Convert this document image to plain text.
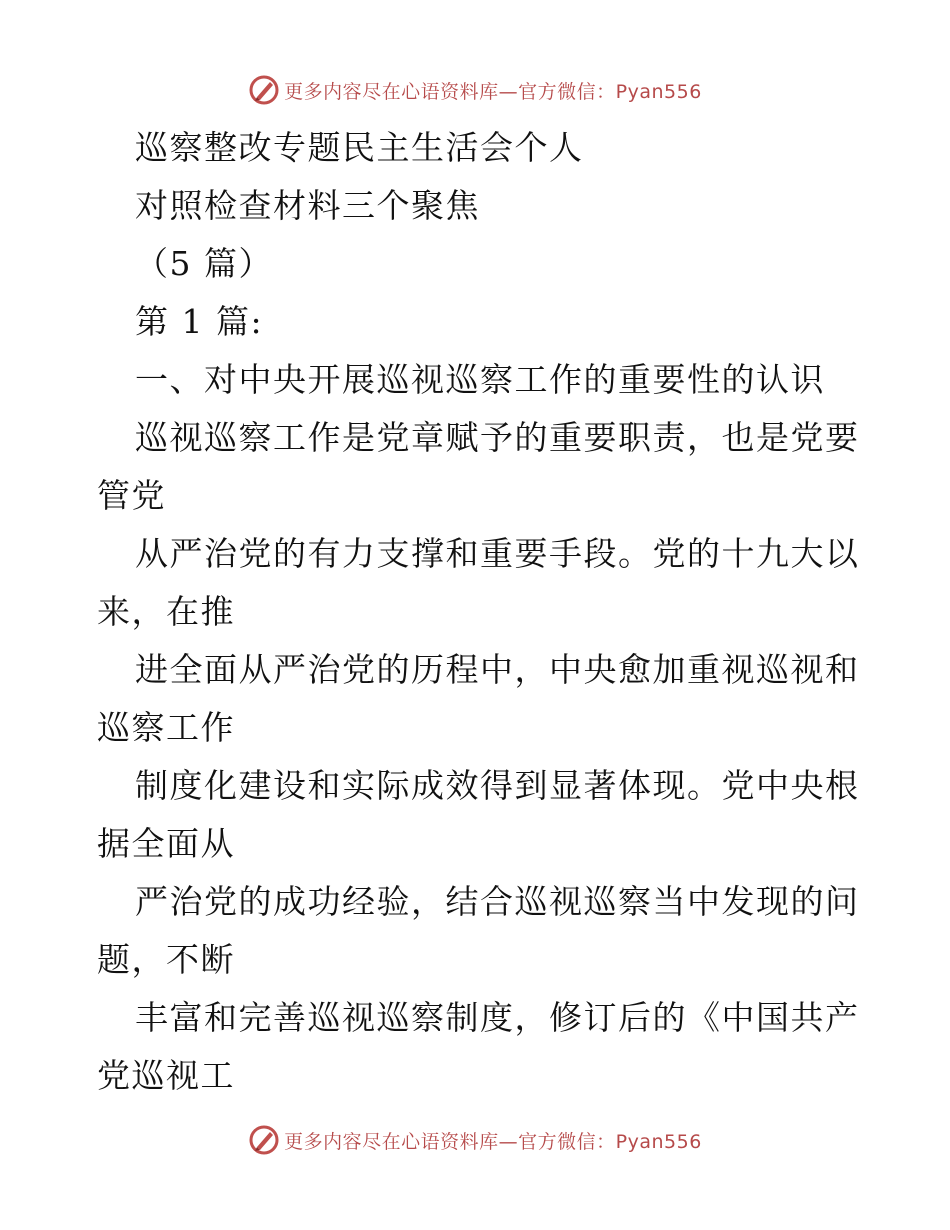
更多内容尽在心语资料库—官方微信：Pyan556
巡察整改专题民主生活会个人
对照检查材料三个聚焦
（5 篇）
第 1 篇:
一、对中央开展巡视巡察工作的重要性的认识
巡视巡察工作是党章赋予的重要职责，也是党要
管党
从严治党的有力支撑和重要手段。党的十九大以
来，在推
进全面从严治党的历程中，中央愈加重视巡视和
巡察工作
制度化建设和实际成效得到显著体现。党中央根
据全面从
严治党的成功经验，结合巡视巡察当中发现的问
题，不断
丰富和完善巡视巡察制度，修订后的《中国共产
党巡视工
更多内容尽在心语资料库—官方微信：Pyan556
